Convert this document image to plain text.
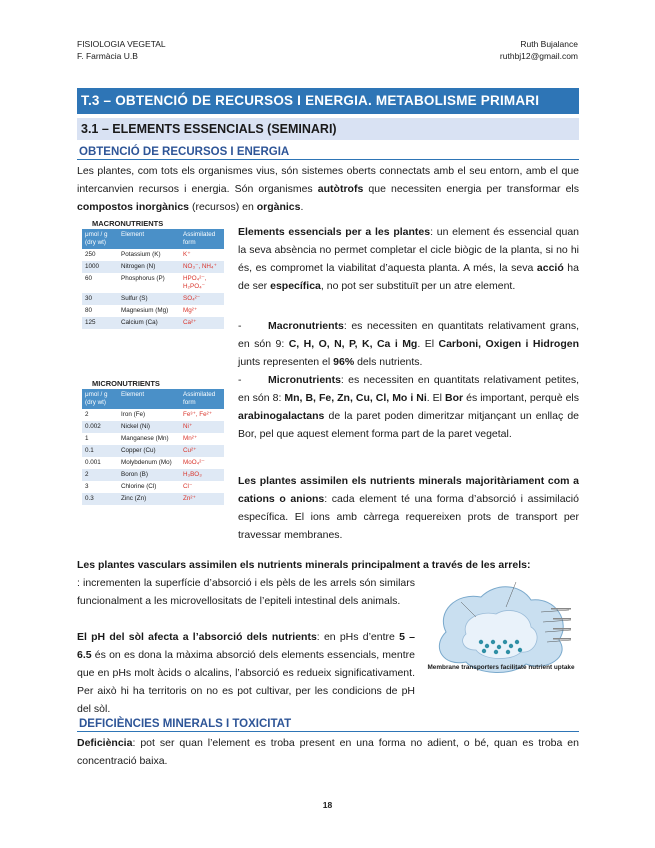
FISIOLOGIA VEGETAL
F. Farmàcia U.B
Ruth Bujalance
ruthbj12@gmail.com
T.3 – OBTENCIÓ DE RECURSOS I ENERGIA. METABOLISME PRIMARI
3.1 – ELEMENTS ESSENCIALS (SEMINARI)
OBTENCIÓ DE RECURSOS I ENERGIA
Les plantes, com tots els organismes vius, són sistemes oberts connectats amb el seu entorn, amb el que intercanvien recursos i energia. Són organismes autòtrofs que necessiten energia per transformar els compostos inorgànics (recursos) en orgànics.
MACRONUTRIENTS
μmol / g (dry wt)	Element	Assimilated form
250	Potassium (K)	K⁺
1000	Nitrogen (N)	NO₃⁻, NH₄⁺
60	Phosphorus (P)	HPO₄²⁻, H₂PO₄⁻
30	Sulfur (S)	SO₄²⁻
80	Magnesium (Mg)	Mg²⁺
125	Calcium (Ca)	Ca²⁺
MICRONUTRIENTS
μmol / g (dry wt)	Element	Assimilated form
2	Iron (Fe)	Fe³⁺, Fe²⁺
0.002	Nickel (Ni)	Ni⁺
1	Manganese (Mn)	Mn²⁺
0.1	Copper (Cu)	Cu²⁺
0.001	Molybdenum (Mo)	MoO₄²⁻
2	Boron (B)	H₃BO₃
3	Chlorine (Cl)	Cl⁻
0.3	Zinc (Zn)	Zn²⁺
Elements essencials per a les plantes: un element és essencial quan la seva absència no permet completar el cicle biògic de la planta, si no hi és, es compromet la viabilitat d’aquesta planta. A més, la seva acció ha de ser específica, no pot ser substituït per un atre element.
-	Macronutrients: es necessiten en quantitats relativament grans, en són 9: C, H, O, N, P, K, Ca i Mg. El Carboni, Oxigen i Hidrogen junts representen el 96% dels nutrients.
-	Micronutrients: es necessiten en quantitats relativament petites, en són 8: Mn, B, Fe, Zn, Cu, Cl, Mo i Ni. El Bor és important, perquè els arabinogalactans de la paret poden dimeritzar mitjançant un enllaç de Bor, pel que aquest element forma part de la paret vegetal.
Les plantes assimilen els nutrients minerals majoritàriament com a cations o anions: cada element té una forma d’absorció i assimilació específica. El ions amb càrrega requereixen prots de transport per travessar membranes.
Les plantes vasculars assimilen els nutrients minerals principalment a través de les arrels:
: incrementen la superfície d’absorció i els pèls de les arrels són similars funcionalment a les microvellositats de l’epiteli intestinal dels animals.
El pH del sòl afecta a l’absorció dels nutrients: en pHs d’entre 5 – 6.5 és on es dona la màxima absorció dels elements essencials, mentre que en pHs molt àcids o alcalins, l’absorció es redueix significativament. Per això hi ha territoris on no es pot cultivar, per les condicions de pH del sòl.
Membrane transporters facilitate nutrient uptake
DEFICIÈNCIES MINERALS I TOXICITAT
Deficiència: pot ser quan l’element es troba present en una forma no adient, o bé, quan es troba en concentració baixa.
18
